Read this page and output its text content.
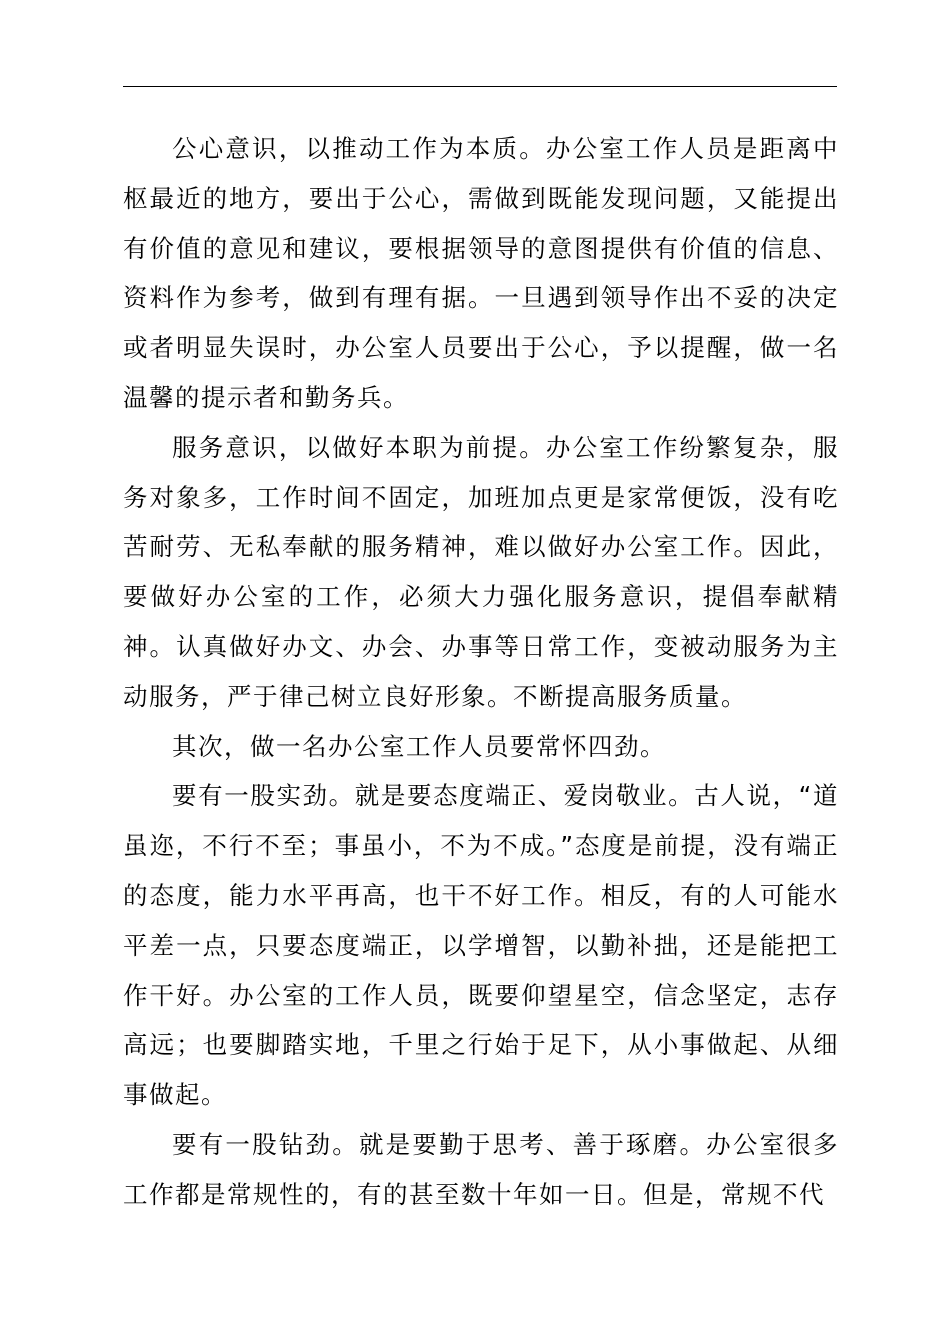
公心意识，以推动工作为本质。办公室工作人员是距离中枢最近的地方，要出于公心，需做到既能发现问题，又能提出有价值的意见和建议，要根据领导的意图提供有价值的信息、资料作为参考，做到有理有据。一旦遇到领导作出不妥的决定或者明显失误时，办公室人员要出于公心，予以提醒，做一名温馨的提示者和勤务兵。

服务意识，以做好本职为前提。办公室工作纷繁复杂，服务对象多，工作时间不固定，加班加点更是家常便饭，没有吃苦耐劳、无私奉献的服务精神，难以做好办公室工作。因此，要做好办公室的工作，必须大力强化服务意识，提倡奉献精神。认真做好办文、办会、办事等日常工作，变被动服务为主动服务，严于律己树立良好形象。不断提高服务质量。

其次，做一名办公室工作人员要常怀四劲。

要有一股实劲。就是要态度端正、爱岗敬业。古人说，“道虽迩，不行不至；事虽小，不为不成。”态度是前提，没有端正的态度，能力水平再高，也干不好工作。相反，有的人可能水平差一点，只要态度端正，以学增智，以勤补拙，还是能把工作干好。办公室的工作人员，既要仰望星空，信念坚定，志存高远；也要脚踏实地，千里之行始于足下，从小事做起、从细事做起。

要有一股钻劲。就是要勤于思考、善于琢磨。办公室很多工作都是常规性的，有的甚至数十年如一日。但是，常规不代
